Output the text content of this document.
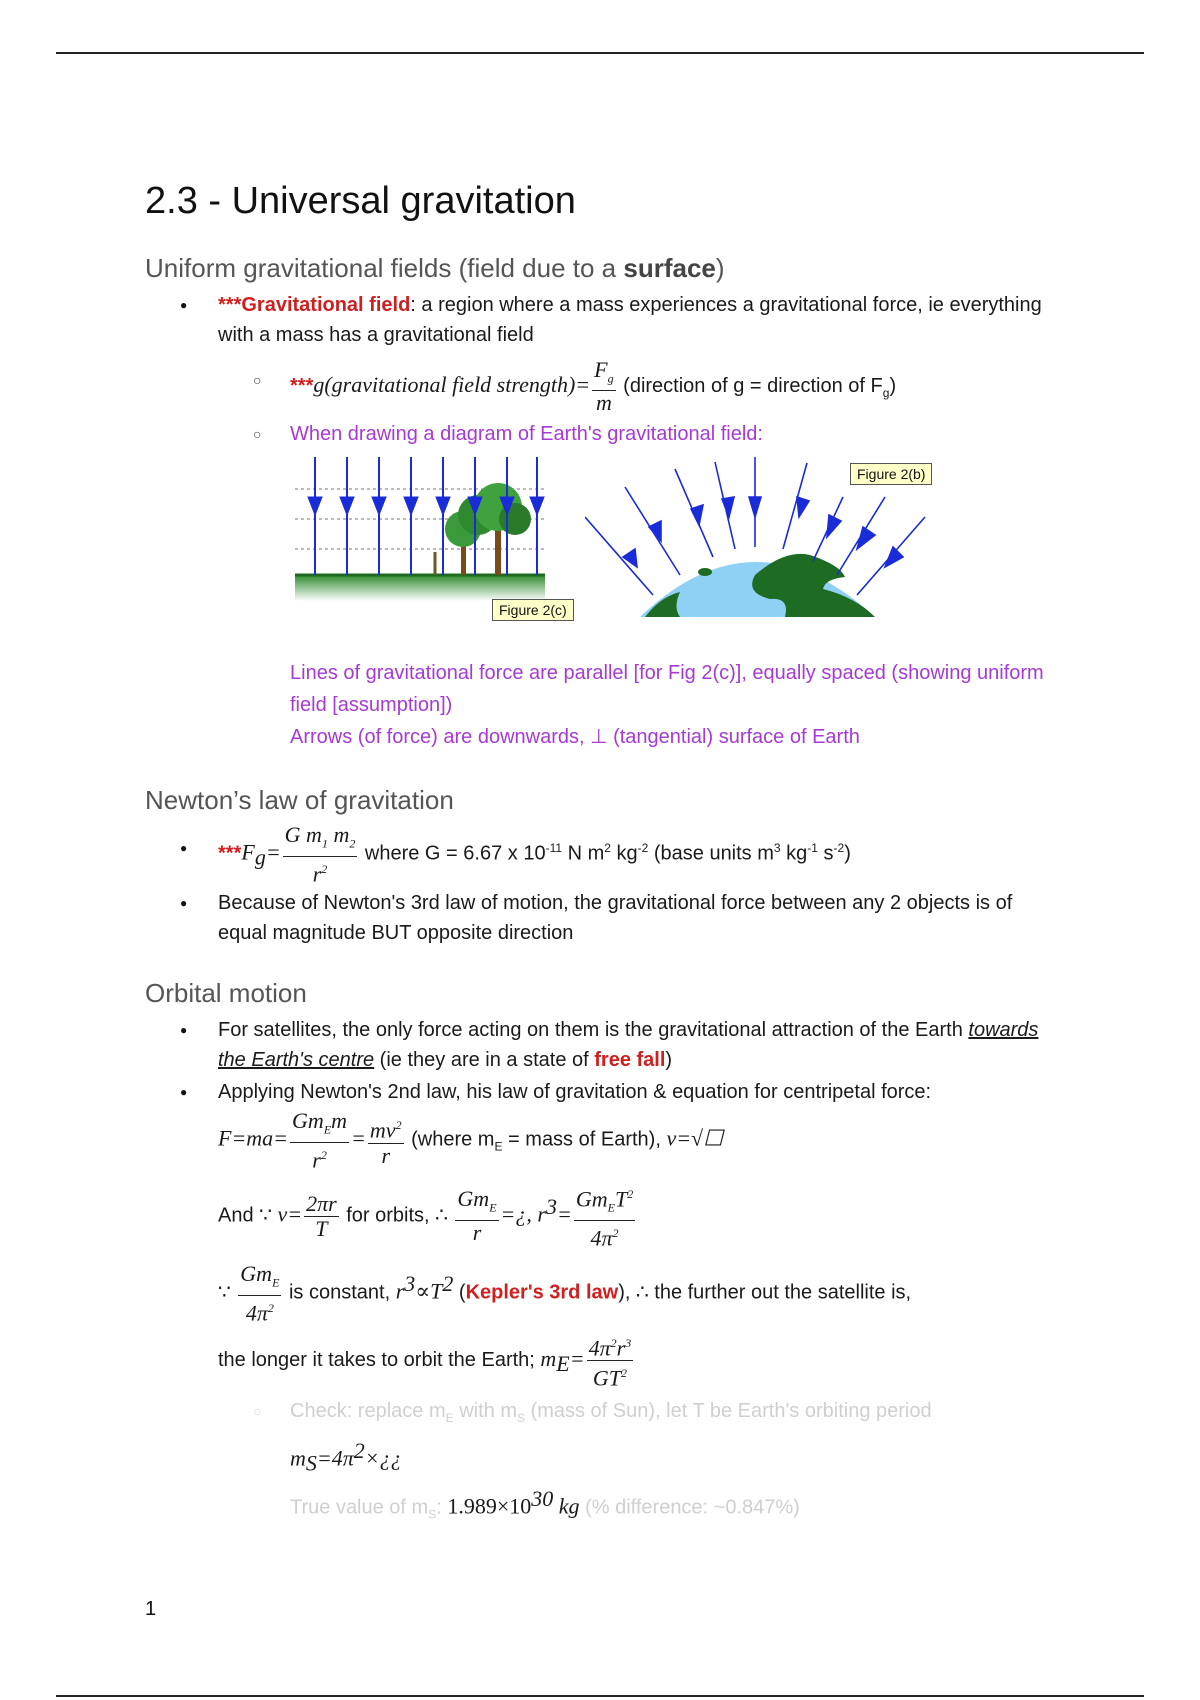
2.3 - Universal gravitation
Uniform gravitational fields (field due to a surface)
● ***Gravitational field: a region where a mass experiences a gravitational force, ie everything with a mass has a gravitational field
○ ***g(gravitational field strength)= $\frac{F_g}{m}$ (direction of g = direction of $F_g$)
○ When drawing a diagram of Earth's gravitational field:
Figure 2(c)
Figure 2(b)
Lines of gravitational force are parallel [for Fig 2(c)], equally spaced (showing uniform field [assumption])
Arrows (of force) are downwards, ⊥ (tangential) surface of Earth
Newton’s law of gravitation
● $***F_g= \frac{G m_1 m_2}{r^2}$ where G = 6.67 x $10^{-11}$ N $m^2$ $kg^{-2}$ (base units $m^3$ $kg^{-1}$ $s^{-2}$)
● Because of Newton's 3rd law of motion, the gravitational force between any 2 objects is of equal magnitude BUT opposite direction
Orbital motion
● For satellites, the only force acting on them is the gravitational attraction of the Earth towards the Earth's centre (ie they are in a state of free fall)
● Applying Newton's 2nd law, his law of gravitation & equation for centripetal force:
$F=ma= \frac{Gm_Em}{r^2} = \frac{mv^2}{r}$ (where $m_E$ = mass of Earth), v=√☐
And ∵ $v= \frac{2\pi r}{T}$ for orbits, ∴ $\frac{Gm_E}{r}$ =¿, $r^3= \frac{Gm_ET^2}{4\pi^2}$
∵ $\frac{Gm_E}{4\pi^2}$ is constant, $r^3\propto T^2$ (Kepler's 3rd law), ∴ the further out the satellite is,
the longer it takes to orbit the Earth; $m_E= \frac{4\pi^2r^3}{GT^2}$
○ Check: replace $m_E$ with $m_S$ (mass of Sun), let T be Earth's orbiting period
$m_S=4\pi^2\times¿¿$
True value of $m_S$: $1.989\times 10^{30}$ kg (% difference: ~0.847%)
1
